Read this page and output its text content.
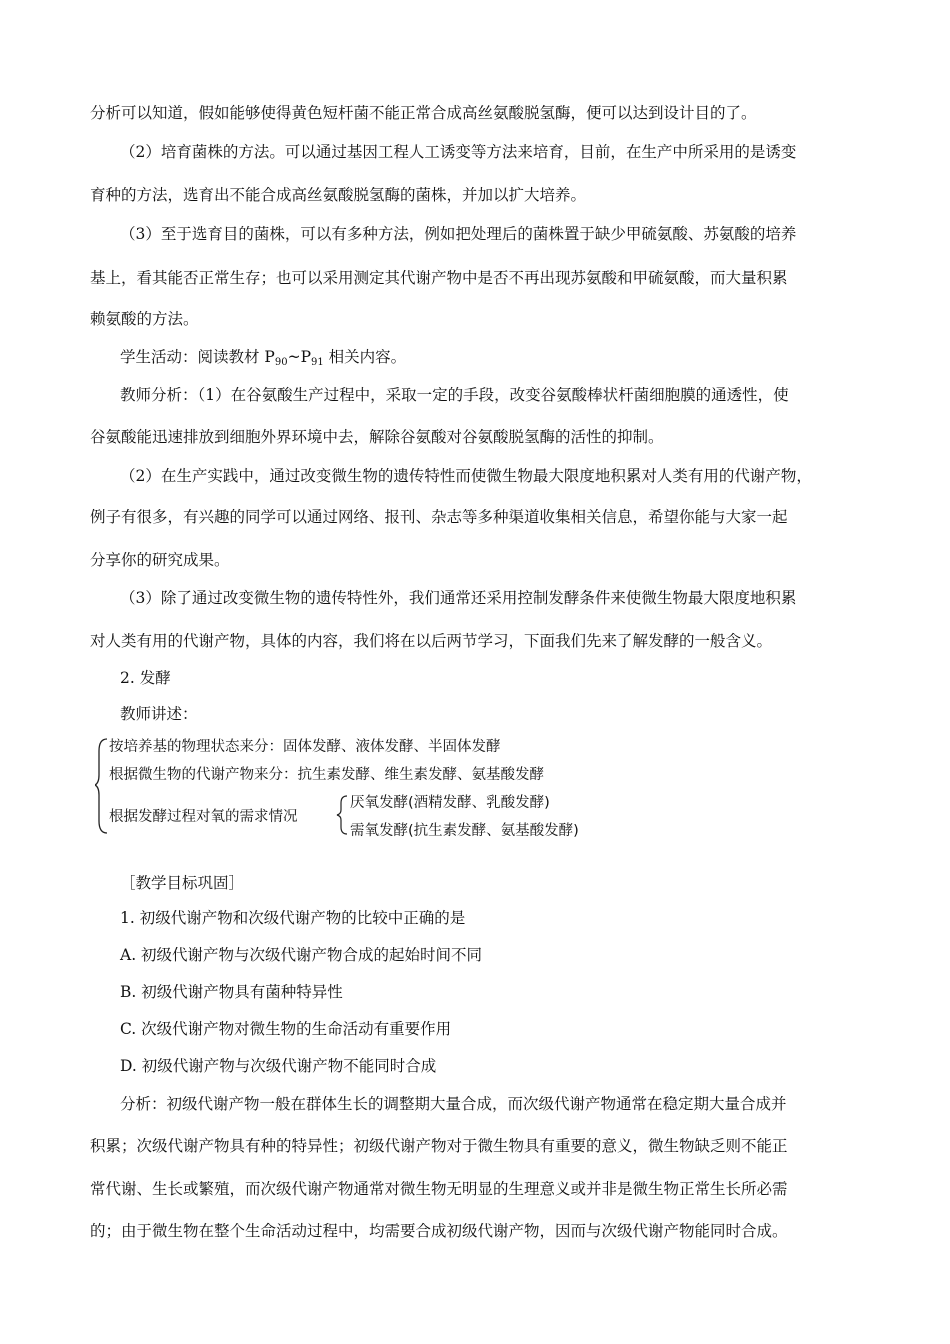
分析可以知道，假如能够使得黄色短杆菌不能正常合成高丝氨酸脱氢酶，便可以达到设计目的了。
（2）培育菌株的方法。可以通过基因工程人工诱变等方法来培育，目前，在生产中所采用的是诱变
育种的方法，选育出不能合成高丝氨酸脱氢酶的菌株，并加以扩大培养。
（3）至于选育目的菌株，可以有多种方法，例如把处理后的菌株置于缺少甲硫氨酸、苏氨酸的培养
基上，看其能否正常生存；也可以采用测定其代谢产物中是否不再出现苏氨酸和甲硫氨酸，而大量积累
赖氨酸的方法。
学生活动：阅读教材 P90~P91 相关内容。
教师分析：（1）在谷氨酸生产过程中，采取一定的手段，改变谷氨酸棒状杆菌细胞膜的通透性，使
谷氨酸能迅速排放到细胞外界环境中去，解除谷氨酸对谷氨酸脱氢酶的活性的抑制。
（2）在生产实践中，通过改变微生物的遗传特性而使微生物最大限度地积累对人类有用的代谢产物，
例子有很多，有兴趣的同学可以通过网络、报刊、杂志等多种渠道收集相关信息，希望你能与大家一起
分享你的研究成果。
（3）除了通过改变微生物的遗传特性外，我们通常还采用控制发酵条件来使微生物最大限度地积累
对人类有用的代谢产物，具体的内容，我们将在以后两节学习，下面我们先来了解发酵的一般含义。
2. 发酵
教师讲述：
按培养基的物理状态来分：固体发酵、液体发酵、半固体发酵
根据微生物的代谢产物来分：抗生素发酵、维生素发酵、氨基酸发酵
根据发酵过程对氧的需求情况
厌氧发酵(酒精发酵、乳酸发酵)
需氧发酵(抗生素发酵、氨基酸发酵)
［教学目标巩固］
1. 初级代谢产物和次级代谢产物的比较中正确的是
A. 初级代谢产物与次级代谢产物合成的起始时间不同
B. 初级代谢产物具有菌种特异性
C. 次级代谢产物对微生物的生命活动有重要作用
D. 初级代谢产物与次级代谢产物不能同时合成
分析：初级代谢产物一般在群体生长的调整期大量合成，而次级代谢产物通常在稳定期大量合成并
积累；次级代谢产物具有种的特异性；初级代谢产物对于微生物具有重要的意义，微生物缺乏则不能正
常代谢、生长或繁殖，而次级代谢产物通常对微生物无明显的生理意义或并非是微生物正常生长所必需
的；由于微生物在整个生命活动过程中，均需要合成初级代谢产物，因而与次级代谢产物能同时合成。
